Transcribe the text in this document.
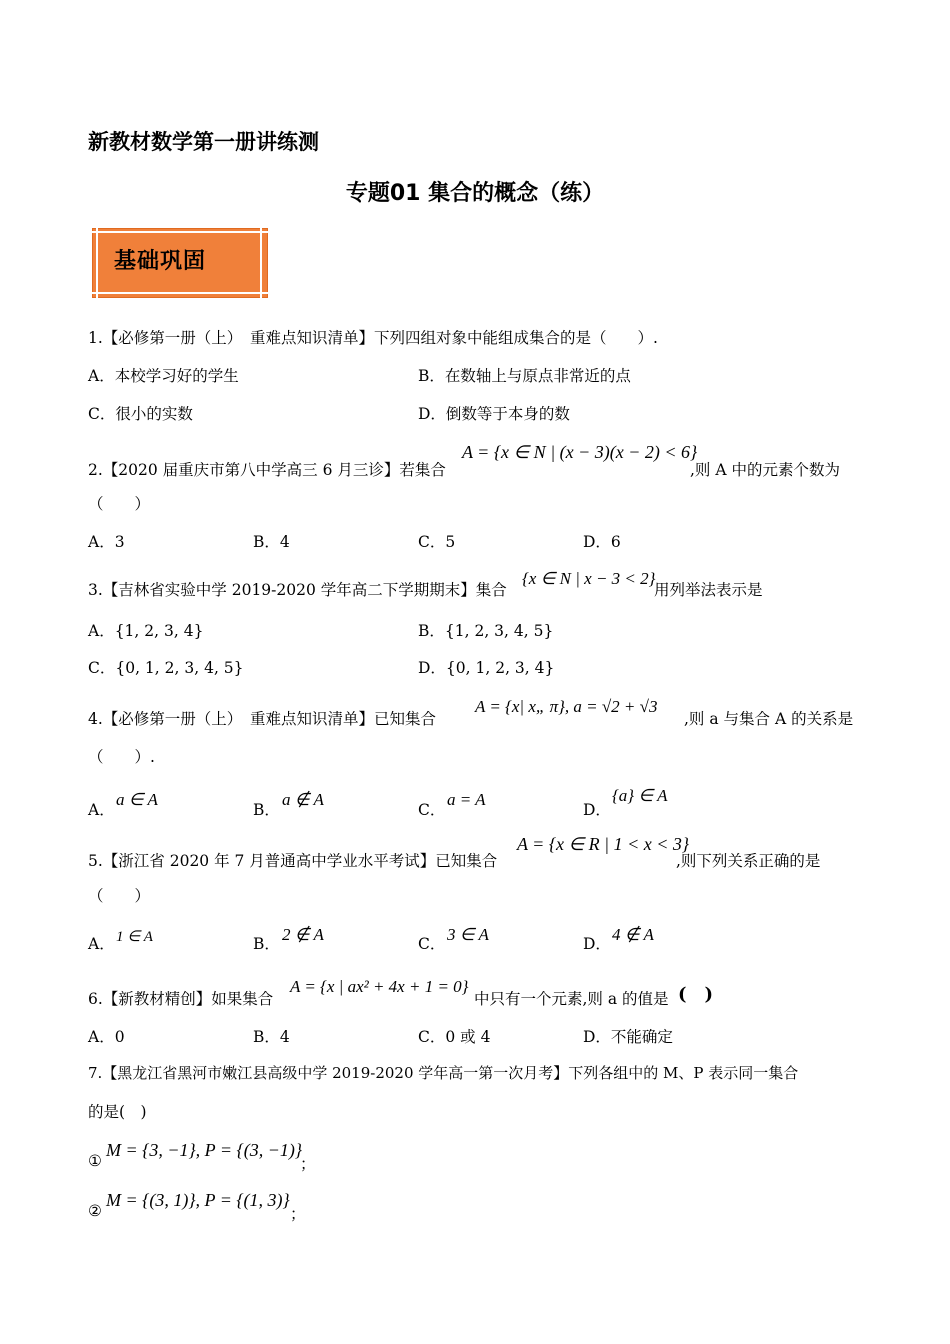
新教材数学第一册讲练测
专题01 集合的概念（练）
基础巩固
1.【必修第一册（上）　重难点知识清单】下列四组对象中能组成集合的是（　　）.
A．本校学习好的学生	B．在数轴上与原点非常近的点
C．很小的实数	D．倒数等于本身的数
2.【2020 届重庆市第八中学高三 6 月三诊】若集合
A = {x ∈ N | (x − 3)(x − 2) < 6}
,则 A 中的元素个数为
（　　）
A．3	B．4	C．5	D．6
3.【吉林省实验中学 2019-2020 学年高二下学期期末】集合
{x ∈ N | x − 3 < 2}
用列举法表示是
A．{1, 2, 3, 4}	B．{1, 2, 3, 4, 5}
C．{0, 1, 2, 3, 4, 5}	D．{0, 1, 2, 3, 4}
4.【必修第一册（上）　重难点知识清单】已知集合
A = {x| x„ π}, a = √2 + √3
,则 a 与集合 A 的关系是
（　　）.
A．
a ∈ A
B．
a ∉ A
C．
a = A
D．
{a} ∈ A
5.【浙江省 2020 年 7 月普通高中学业水平考试】已知集合
A = {x ∈ R | 1 < x < 3}
,则下列关系正确的是
（　　）
A． 1 ∈ A	B． 2 ∉ A	C． 3 ∈ A	D． 4 ∉ A
6.【新教材精创】如果集合
A = {x | ax² + 4x + 1 = 0}
中只有一个元素,则 a 的值是 (　)
A．0	B．4	C．0 或 4	D．不能确定
7.【黑龙江省黑河市嫩江县高级中学 2019-2020 学年高一第一次月考】下列各组中的 M、P 表示同一集合
的是(　)
①
M = {3, −1}, P = {(3, −1)}
；
②
M = {(3, 1)}, P = {(1, 3)}
；
